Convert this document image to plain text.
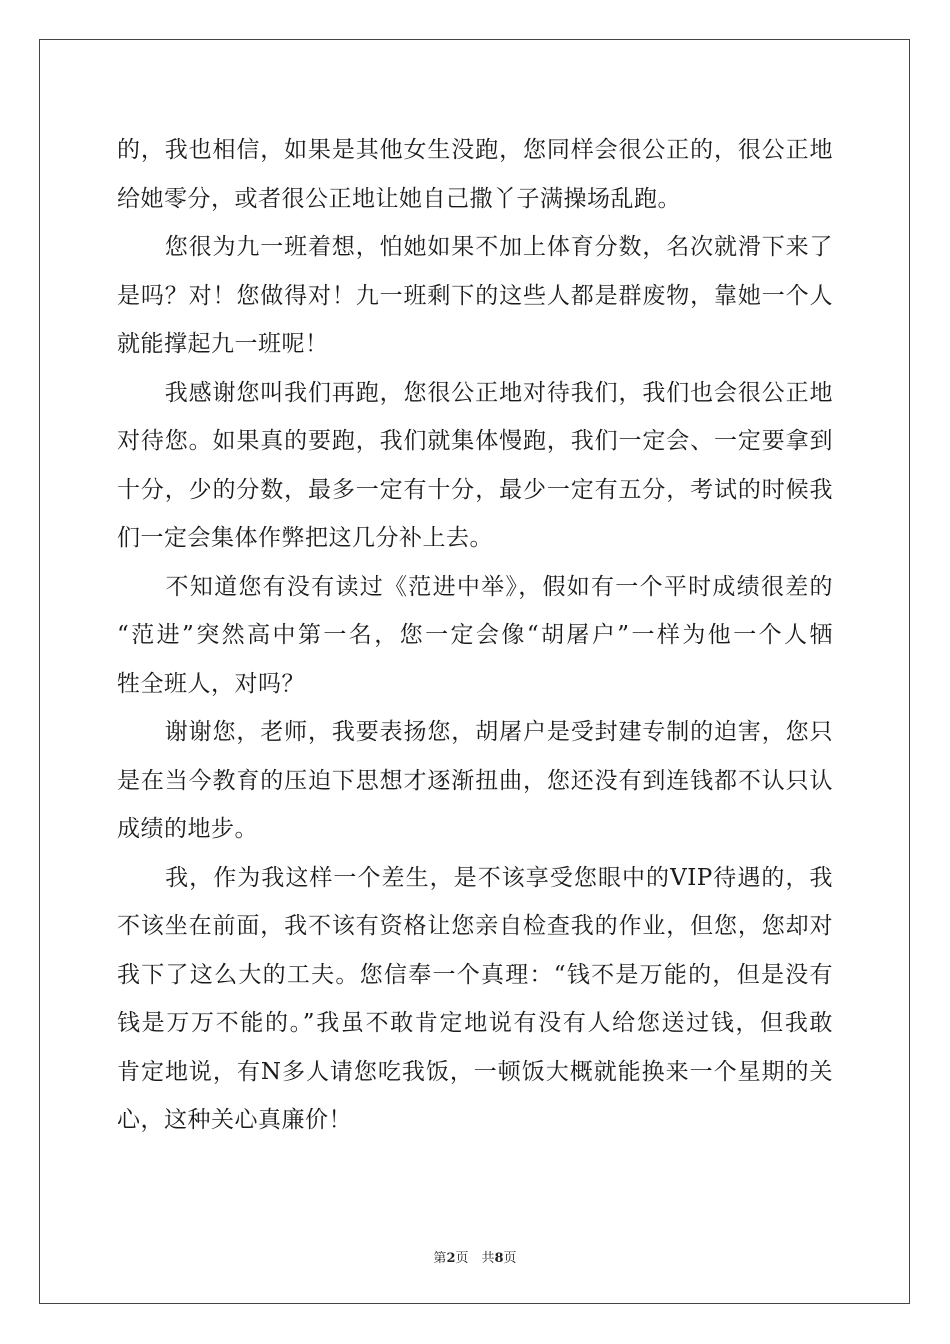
的，我也相信，如果是其他女生没跑，您同样会很公正的，很公正地
给她零分，或者很公正地让她自己撒丫子满操场乱跑。
　　您很为九一班着想，怕她如果不加上体育分数，名次就滑下来了
是吗？对！您做得对！九一班剩下的这些人都是群废物，靠她一个人
就能撑起九一班呢！
　　我感谢您叫我们再跑，您很公正地对待我们，我们也会很公正地
对待您。如果真的要跑，我们就集体慢跑，我们一定会、一定要拿到
十分，少的分数，最多一定有十分，最少一定有五分，考试的时候我
们一定会集体作弊把这几分补上去。
　　不知道您有没有读过《范进中举》，假如有一个平时成绩很差的
“范进”突然高中第一名，您一定会像“胡屠户”一样为他一个人牺
牲全班人，对吗？
　　谢谢您，老师，我要表扬您，胡屠户是受封建专制的迫害，您只
是在当今教育的压迫下思想才逐渐扭曲，您还没有到连钱都不认只认
成绩的地步。
　　我，作为我这样一个差生，是不该享受您眼中的VIP待遇的，我
不该坐在前面，我不该有资格让您亲自检查我的作业，但您，您却对
我下了这么大的工夫。您信奉一个真理：“钱不是万能的，但是没有
钱是万万不能的。”我虽不敢肯定地说有没有人给您送过钱，但我敢
肯定地说，有N多人请您吃我饭，一顿饭大概就能换来一个星期的关
心，这种关心真廉价！
第2页　共8页
